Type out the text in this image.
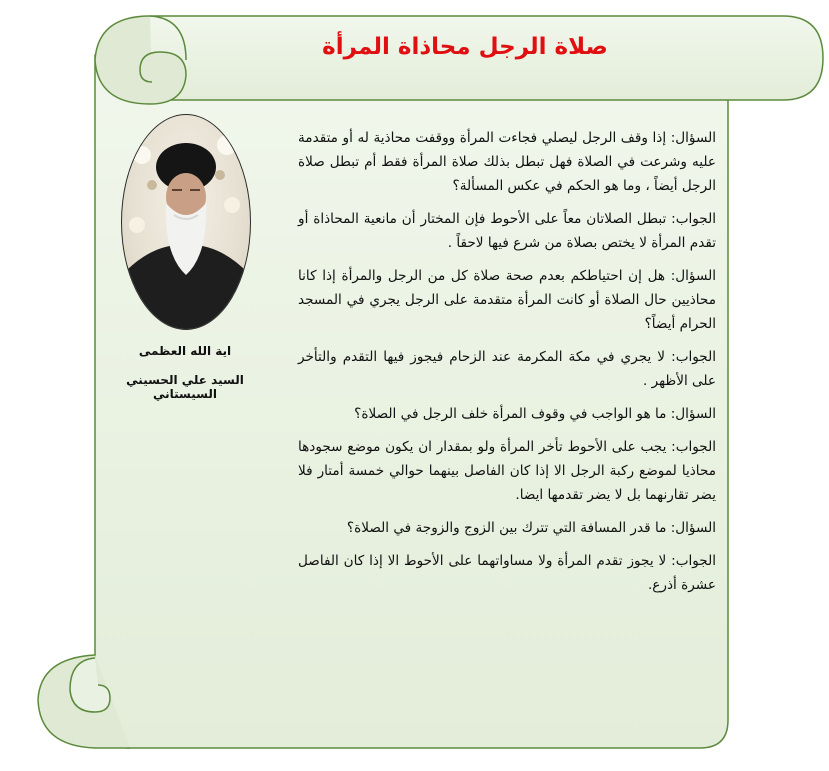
صلاة الرجل محاذاة المرأة
اية الله العظمى
السيد علي الحسيني السيستاني

السؤال: إذا وقف الرجل ليصلي فجاءت المرأة ووقفت محاذية له أو متقدمة عليه وشرعت في الصلاة فهل تبطل بذلك صلاة المرأة فقط أم تبطل صلاة الرجل أيضاً ، وما هو الحكم في عكس المسألة؟

الجواب: تبطل الصلاتان معاً على الأحوط فإن المختار أن مانعية المحاذاة أو تقدم المرأة لا يختص بصلاة من شرع فيها لاحقاً .

السؤال: هل إن احتياطكم بعدم صحة صلاة كل من الرجل والمرأة إذا كانا محاذيين حال الصلاة أو كانت المرأة متقدمة على الرجل يجري في المسجد الحرام أيضاً؟

الجواب: لا يجري في مكة المكرمة عند الزحام فيجوز فيها التقدم والتأخر على الأظهر .

السؤال: ما هو الواجب في وقوف المرأة خلف الرجل في الصلاة؟

الجواب: يجب على الأحوط تأخر المرأة ولو بمقدار ان يكون موضع سجودها محاذيا لموضع ركبة الرجل الا إذا كان الفاصل بينهما حوالي خمسة أمتار فلا يضر تقارنهما بل لا يضر تقدمها ايضا.

السؤال: ما قدر المسافة التي تترك بين الزوج والزوجة في الصلاة؟

الجواب: لا يجوز تقدم المرأة ولا مساواتهما على الأحوط الا إذا كان الفاصل عشرة أذرع.
